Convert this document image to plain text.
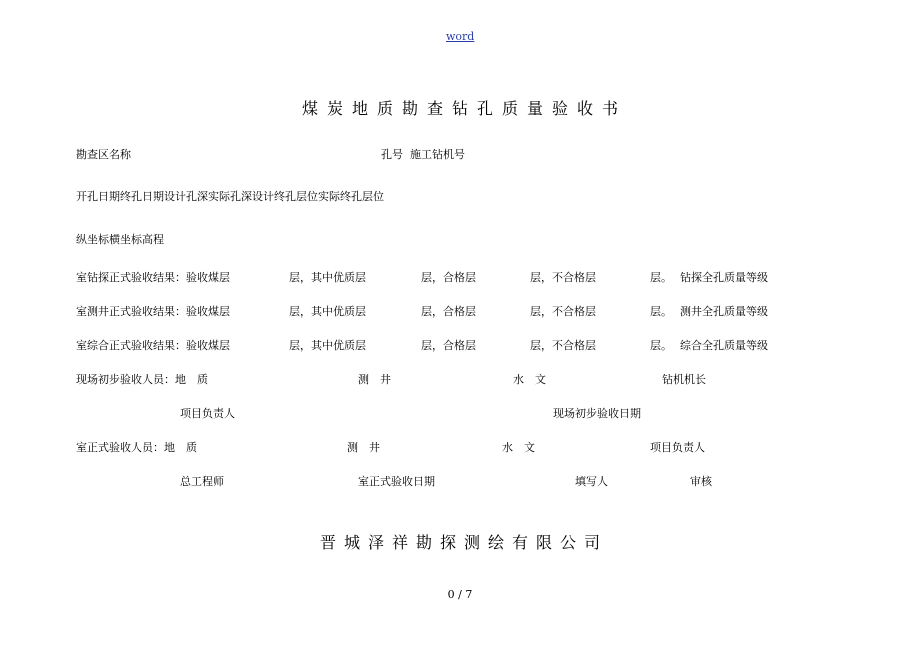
word
煤炭地质勘查钻孔质量验收书
勘查区名称	孔号 施工钻机号
开孔日期终孔日期设计孔深实际孔深设计终孔层位实际终孔层位
纵坐标横坐标高程
室钻探正式验收结果：验收煤层	层，其中优质层	层，合格层	层，不合格层	层。 钻探全孔质量等级
室测井正式验收结果：验收煤层	层，其中优质层	层，合格层	层，不合格层	层。 测井全孔质量等级
室综合正式验收结果：验收煤层	层，其中优质层	层，合格层	层，不合格层	层。 综合全孔质量等级
现场初步验收人员：地　质	测　井	水　文	钻机机长
项目负责人	现场初步验收日期
室正式验收人员：地　质	测　井	水　文	项目负责人
总工程师	室正式验收日期	填写人	审核
晋城泽祥勘探测绘有限公司
0 / 7
